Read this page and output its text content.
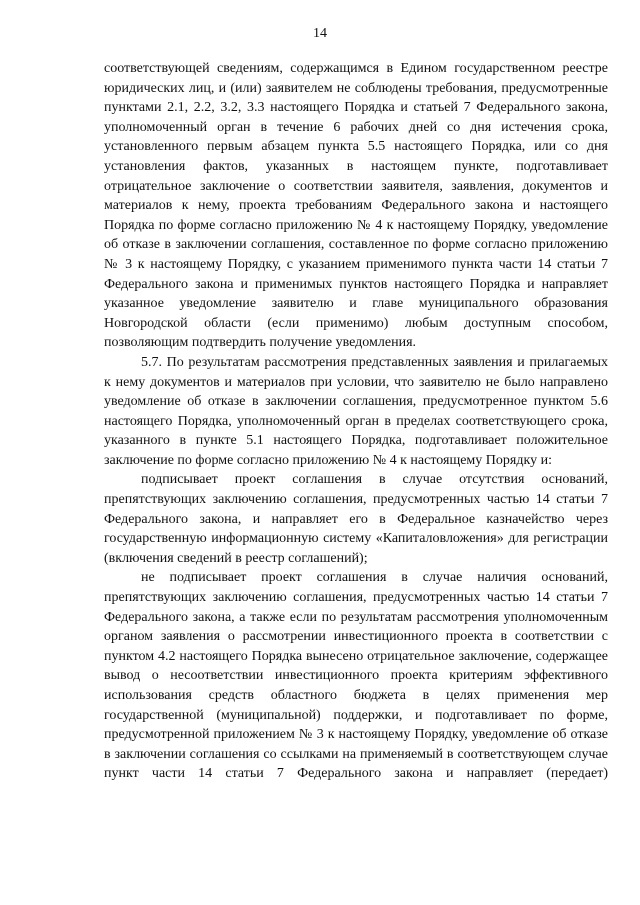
14

соответствующей сведениям, содержащимся в Едином государственном реестре юридических лиц, и (или) заявителем не соблюдены требования, предусмотренные пунктами 2.1, 2.2, 3.2, 3.3 настоящего Порядка и статьей 7 Федерального закона, уполномоченный орган в течение 6 рабочих дней со дня истечения срока, установленного первым абзацем пункта 5.5 настоящего Порядка, или со дня установления фактов, указанных в настоящем пункте, подготавливает отрицательное заключение о соответствии заявителя, заявления, документов и материалов к нему, проекта требованиям Федерального закона и настоящего Порядка по форме согласно приложению № 4 к настоящему Порядку, уведомление об отказе в заключении соглашения, составленное по форме согласно приложению № 3 к настоящему Порядку, с указанием применимого пункта части 14 статьи 7 Федерального закона и применимых пунктов настоящего Порядка и направляет указанное уведомление заявителю и главе муниципального образования Новгородской области (если применимо) любым доступным способом, позволяющим подтвердить получение уведомления.

5.7. По результатам рассмотрения представленных заявления и прилагаемых к нему документов и материалов при условии, что заявителю не было направлено уведомление об отказе в заключении соглашения, предусмотренное пунктом 5.6 настоящего Порядка, уполномоченный орган в пределах соответствующего срока, указанного в пункте 5.1 настоящего Порядка, подготавливает положительное заключение по форме согласно приложению № 4 к настоящему Порядку и:

подписывает проект соглашения в случае отсутствия оснований, препятствующих заключению соглашения, предусмотренных частью 14 статьи 7 Федерального закона, и направляет его в Федеральное казначейство через государственную информационную систему «Капиталовложения» для регистрации (включения сведений в реестр соглашений);

не подписывает проект соглашения в случае наличия оснований, препятствующих заключению соглашения, предусмотренных частью 14 статьи 7 Федерального закона, а также если по результатам рассмотрения уполномоченным органом заявления о рассмотрении инвестиционного проекта в соответствии с пунктом 4.2 настоящего Порядка вынесено отрицательное заключение, содержащее вывод о несоответствии инвестиционного проекта критериям эффективного использования средств областного бюджета в целях применения мер государственной (муниципальной) поддержки, и подготавливает по форме, предусмотренной приложением № 3 к настоящему Порядку, уведомление об отказе в заключении соглашения со ссылками на применяемый в соответствующем случае пункт части 14 статьи 7 Федерального закона и направляет (передает)
